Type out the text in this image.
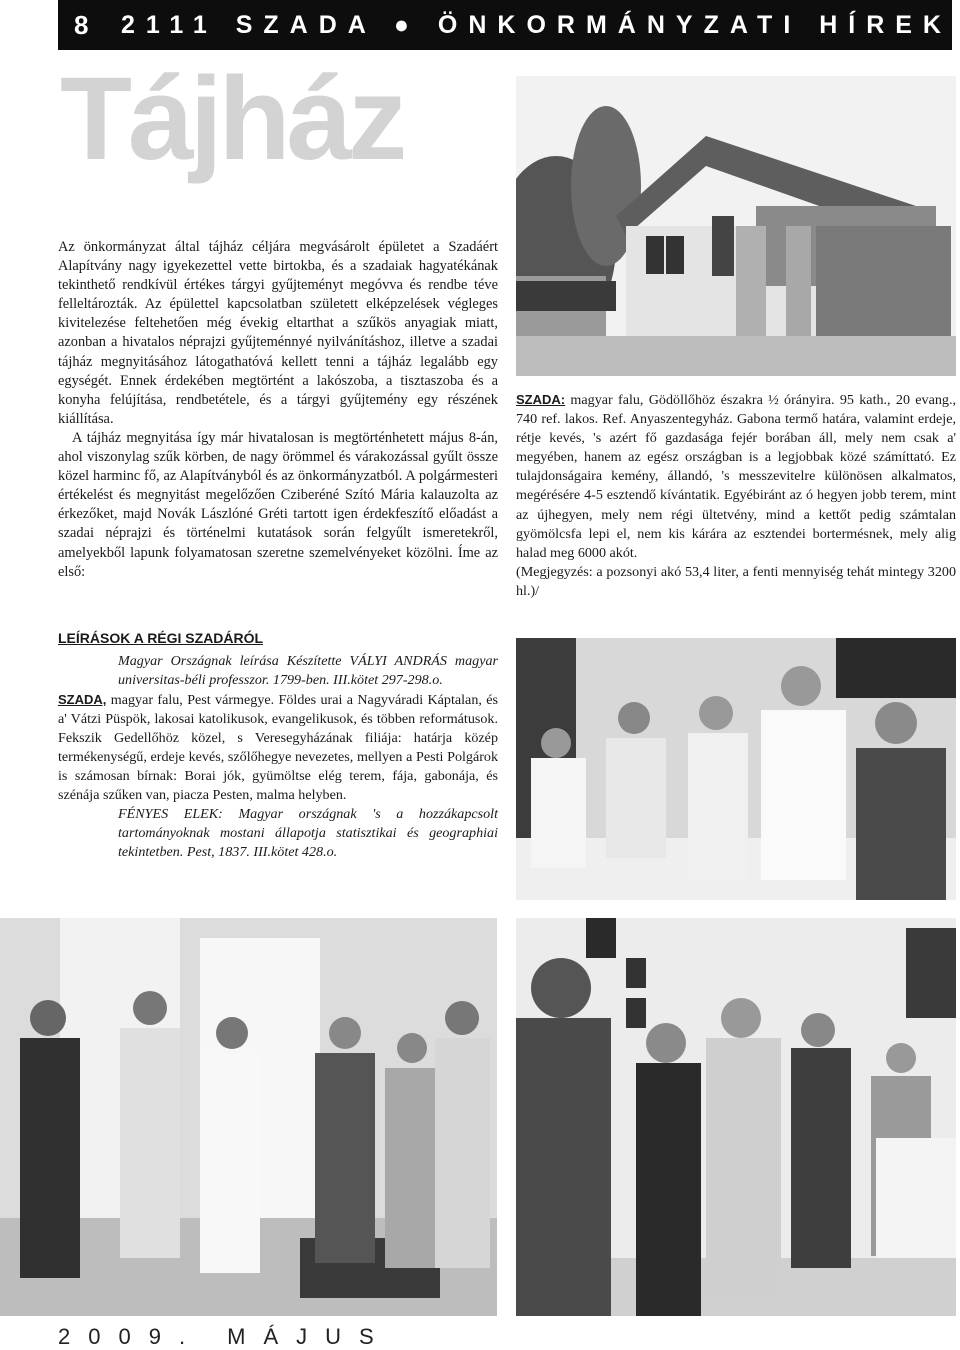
8	2111 SZADA ● ÖNKORMÁNYZATI HÍREK
Tájház

Az önkormányzat által tájház céljára megvásárolt épületet a Szadáért Alapítvány nagy igyekezettel vette birtokba, és a szadaiak hagyatékának tekinthető rendkívül értékes tárgyi gyűjteményt megóvva és rendbe téve felleltározták. Az épülettel kapcsolatban született elképzelések végleges kivitelezése feltehetően még évekig eltarthat a szűkös anyagiak miatt, azonban a hivatalos néprajzi gyűjteménnyé nyilvánításhoz, illetve a szadai tájház megnyitásához látogathatóvá kellett tenni a tájház legalább egy egységét. Ennek érdekében megtörtént a lakószoba, a tisztaszoba és a konyha felújítása, rendbetétele, és a tárgyi gyűjtemény egy részének kiállítása.

A tájház megnyitása így már hivatalosan is megtörténhetett május 8-án, ahol viszonylag szűk körben, de nagy örömmel és várakozással gyűlt össze közel harminc fő, az Alapítványból és az önkormányzatból. A polgármesteri értékelést és megnyitást megelőzően Cziberéné Szító Mária kalauzolta az érkezőket, majd Novák Lászlóné Gréti tartott igen érdekfeszítő előadást a szadai néprajzi és történelmi kutatások során felgyűlt ismeretekről, amelyekből lapunk folyamatosan szeretne szemelvényeket közölni. Íme az első:

SZADA: magyar falu, Gödöllőhöz északra ½ órányira. 95 kath., 20 evang., 740 ref. lakos. Ref. Anyaszentegyház. Gabona termő határa, valamint erdeje, rétje kevés, 's azért fő gazdasága fejér borában áll, mely nem csak a' megyében, hanem az egész országban is a legjobbak közé számíttató. Ez tulajdonságaira kemény, állandó, 's messzevitelre különösen alkalmatos, megérésére 4-5 esztendő kívántatik. Egyébiránt az ó hegyen jobb terem, mint az újhegyen, mely nem régi ültetvény, mind a kettőt pedig számtalan gyömölcsfa lepi el, nem kis kárára az esztendei bortermésnek, mely alig halad meg 6000 akót.

(Megjegyzés: a pozsonyi akó 53,4 liter, a fenti mennyiség tehát mintegy 3200 hl.)/

LEÍRÁSOK A RÉGI SZADÁRÓL

Magyar Országnak leírása Készítette VÁLYI ANDRÁS magyar universitas-béli professzor. 1799-ben. III.kötet 297-298.o.

SZADA, magyar falu, Pest vármegye. Földes urai a Nagyváradi Káptalan, és a' Vátzi Püspök, lakosai katolikusok, evangelikusok, és többen reformátusok. Fekszik Gedellőhöz közel, s Veresegyházának filiája: határja közép termékenységű, erdeje kevés, szőlőhegye nevezetes, mellyen a Pesti Polgárok is számosan bírnak: Borai jók, gyümöltse elég terem, fája, gabonája, és szénája szűken van, piacza Pesten, malma helyben.

FÉNYES ELEK: Magyar országnak 's a hozzákapcsolt tartományoknak mostani állapotja statisztikai és geographiai tekintetben. Pest, 1837. III.kötet 428.o.

2009. MÁJUS
